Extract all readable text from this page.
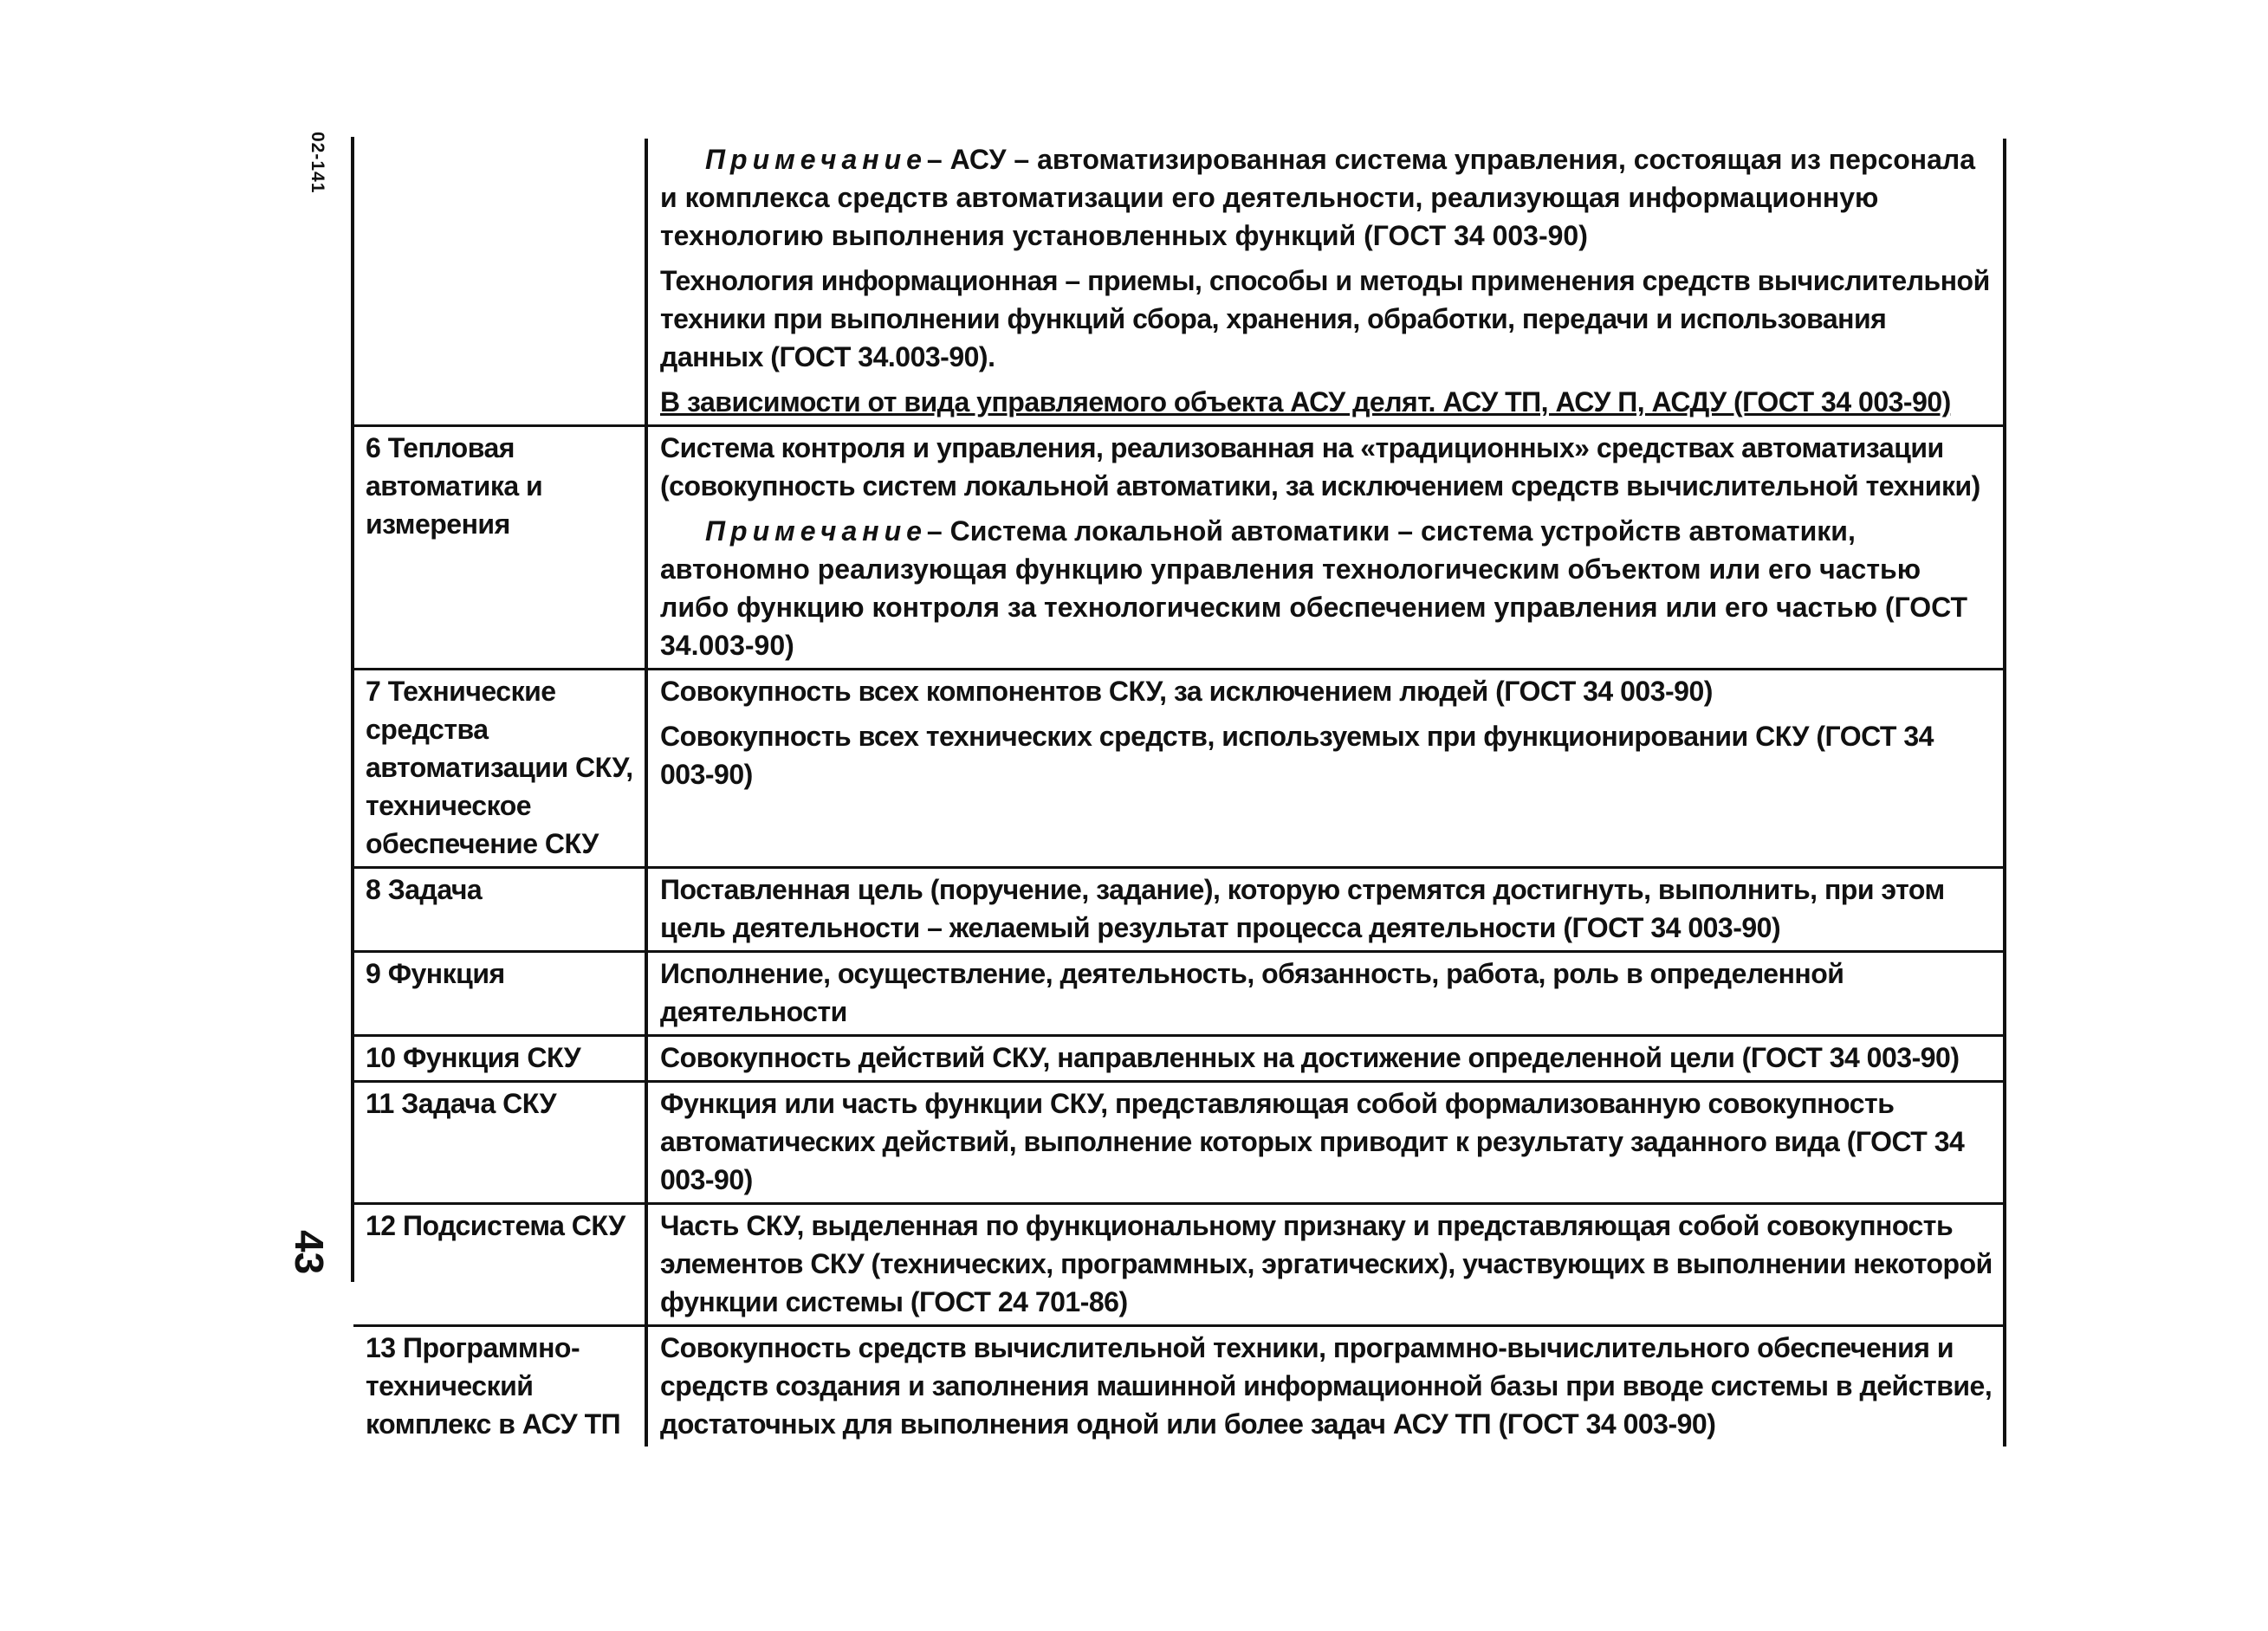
02-141
43

	Примечание– АСУ – автоматизированная система управления, состоящая из персонала и комплекса средств автоматизации его деятельности, реализующая информационную технологию выполнения установленных функций (ГОСТ 34 003-90)
Технология информационная – приемы, способы и методы применения средств вычислительной техники при выполнении функций сбора, хранения, обработки, передачи и использования данных (ГОСТ 34.003-90).
В зависимости от вида управляемого объекта АСУ делят. АСУ ТП, АСУ П, АСДУ (ГОСТ 34 003-90)

6 Тепловая автоматика и измерения	Система контроля и управления, реализованная на «традиционных» средствах автоматизации (совокупность систем локальной автоматики, за исключением средств вычислительной техники)
Примечание– Система локальной автоматики – система устройств автоматики, автономно реализующая функцию управления технологическим объектом или его частью либо функцию контроля за технологическим обеспечением управления или его частью (ГОСТ 34.003-90)

7 Технические средства автоматизации СКУ, техническое обеспечение СКУ	Совокупность всех компонентов СКУ, за исключением людей (ГОСТ 34 003-90)
Совокупность всех технических средств, используемых при функционировании СКУ (ГОСТ 34 003-90)

8 Задача	Поставленная цель (поручение, задание), которую стремятся достигнуть, выполнить, при этом цель деятельности – желаемый результат процесса деятельности (ГОСТ 34 003-90)

9 Функция	Исполнение, осуществление, деятельность, обязанность, работа, роль в определенной деятельности

10 Функция СКУ	Совокупность действий СКУ, направленных на достижение определенной цели (ГОСТ 34 003-90)

11 Задача СКУ	Функция или часть функции СКУ, представляющая собой формализованную совокупность автоматических действий, выполнение которых приводит к результату заданного вида (ГОСТ 34 003-90)

12 Подсистема СКУ	Часть СКУ, выделенная по функциональному признаку и представляющая собой совокупность элементов СКУ (технических, программных, эргатических), участвующих в выполнении некоторой функции системы (ГОСТ 24 701-86)

13 Программно-технический комплекс в АСУ ТП	Совокупность средств вычислительной техники, программно-вычислительного обеспечения и средств создания и заполнения машинной информационной базы при вводе системы в действие, достаточных для выполнения одной или более задач АСУ ТП (ГОСТ 34 003-90)
